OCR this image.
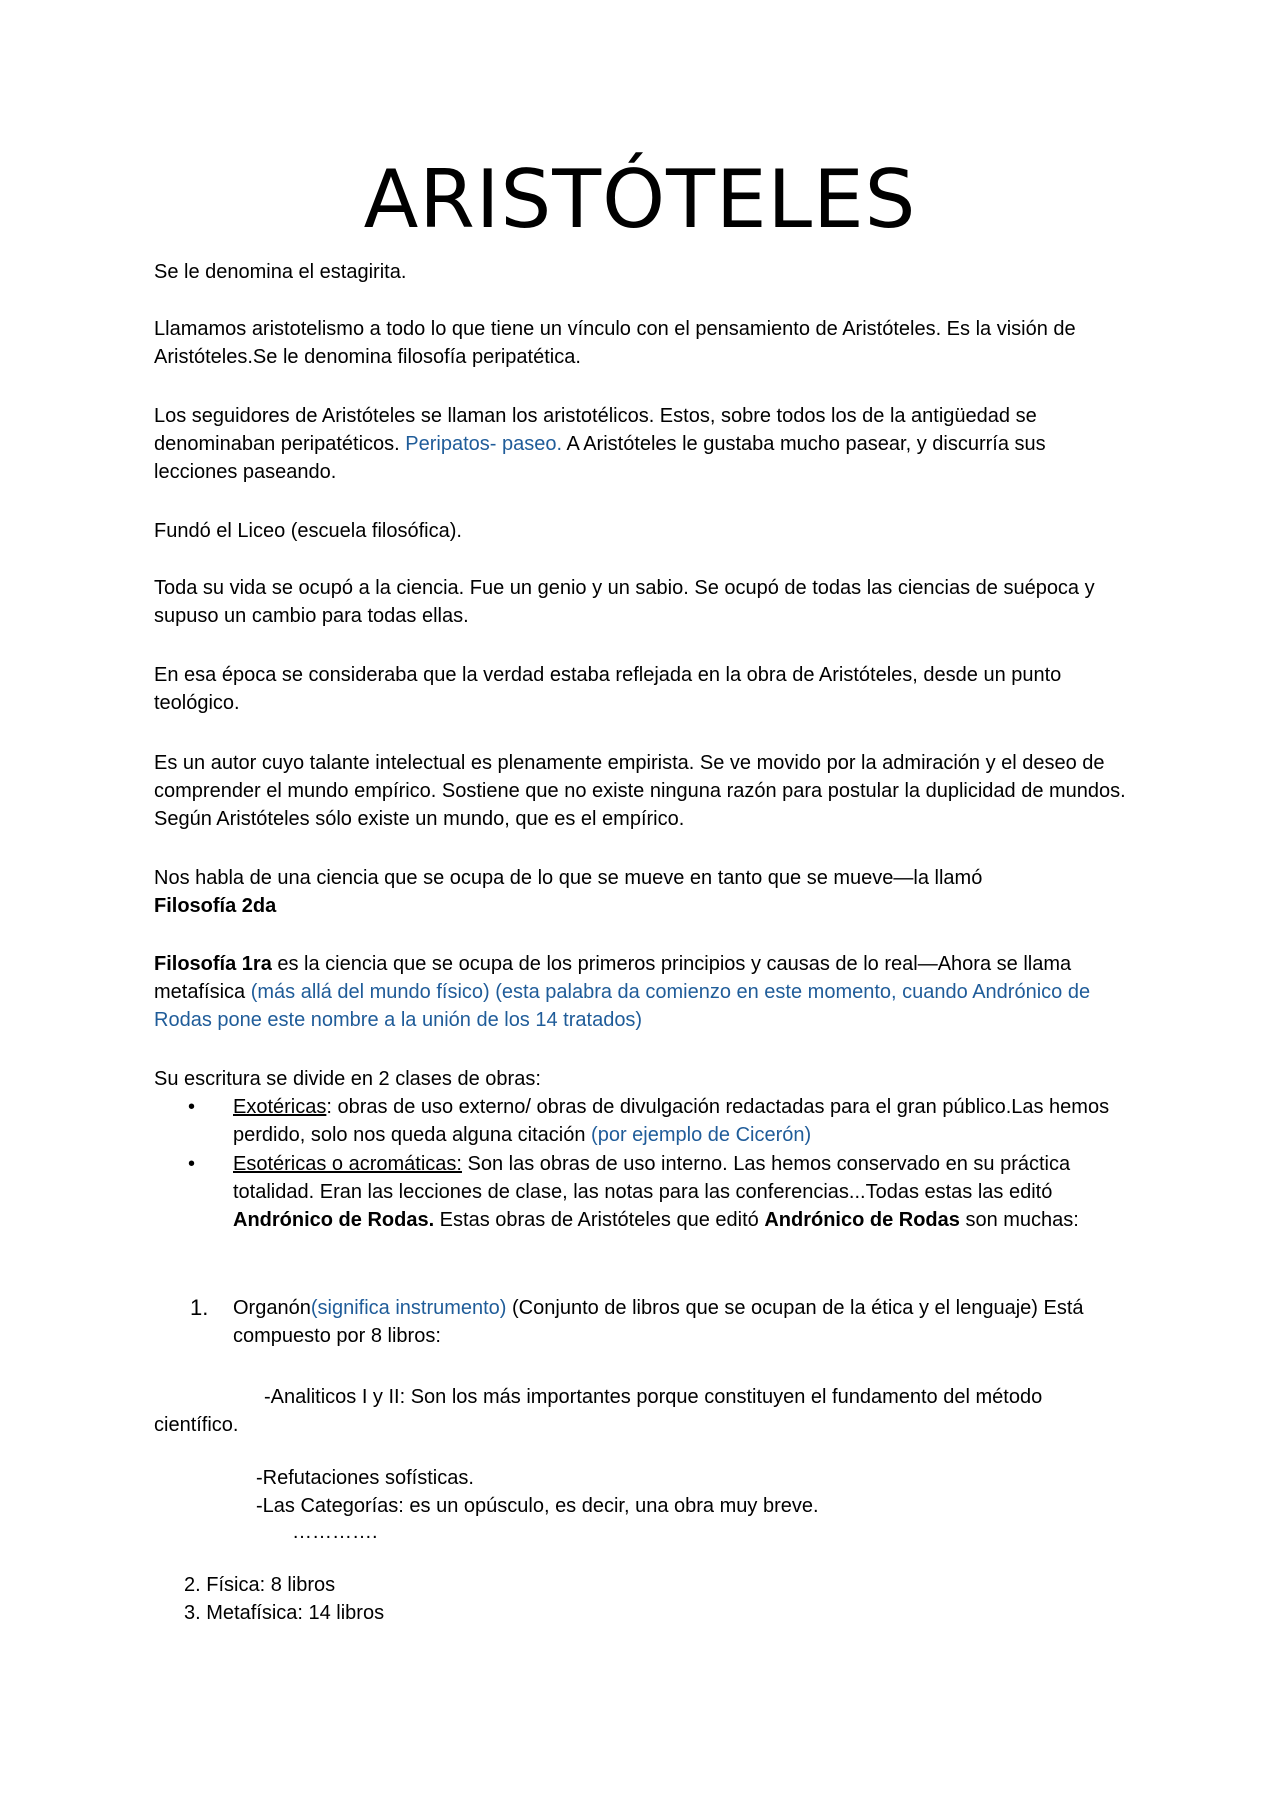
ARISTÓTELES

Se le denomina el estagirita.

Llamamos aristotelismo a todo lo que tiene un vínculo con el pensamiento de Aristóteles. Es la visión de Aristóteles.Se le denomina filosofía peripatética.

Los seguidores de Aristóteles se llaman los aristotélicos. Estos, sobre todos los de la antigüedad se denominaban peripatéticos. Peripatos- paseo. A Aristóteles le gustaba mucho pasear, y discurría sus lecciones paseando.

Fundó el Liceo (escuela filosófica).

Toda su vida se ocupó a la ciencia. Fue un genio y un sabio. Se ocupó de todas las ciencias de suépoca y supuso un cambio para todas ellas.

En esa época se consideraba que la verdad estaba reflejada en la obra de Aristóteles, desde un punto teológico.

Es un autor cuyo talante intelectual es plenamente empirista. Se ve movido por la admiración y el deseo de comprender el mundo empírico. Sostiene que no existe ninguna razón para postular la duplicidad de mundos. Según Aristóteles sólo existe un mundo, que es el empírico.

Nos habla de una ciencia que se ocupa de lo que se mueve en tanto que se mueve—la llamó
Filosofía 2da

Filosofía 1ra es la ciencia que se ocupa de los primeros principios y causas de lo real—Ahora se llama metafísica (más allá del mundo físico) (esta palabra da comienzo en este momento, cuando Andrónico de Rodas pone este nombre a la unión de los 14 tratados)

Su escritura se divide en 2 clases de obras:

• Exotéricas: obras de uso externo/ obras de divulgación redactadas para el gran público.Las hemos perdido, solo nos queda alguna citación (por ejemplo de Cicerón)

• Esotéricas o acromáticas: Son las obras de uso interno. Las hemos conservado en su práctica totalidad. Eran las lecciones de clase, las notas para las conferencias...Todas estas las editó Andrónico de Rodas. Estas obras de Aristóteles que editó Andrónico de Rodas son muchas:

1. Organón(significa instrumento) (Conjunto de libros que se ocupan de la ética y el lenguaje) Está compuesto por 8 libros:

-Analiticos I y II: Son los más importantes porque constituyen el fundamento del método

científico.

-Refutaciones sofísticas.

-Las Categorías: es un opúsculo, es decir, una obra muy breve.

………….

2. Física: 8 libros

3. Metafísica: 14 libros
